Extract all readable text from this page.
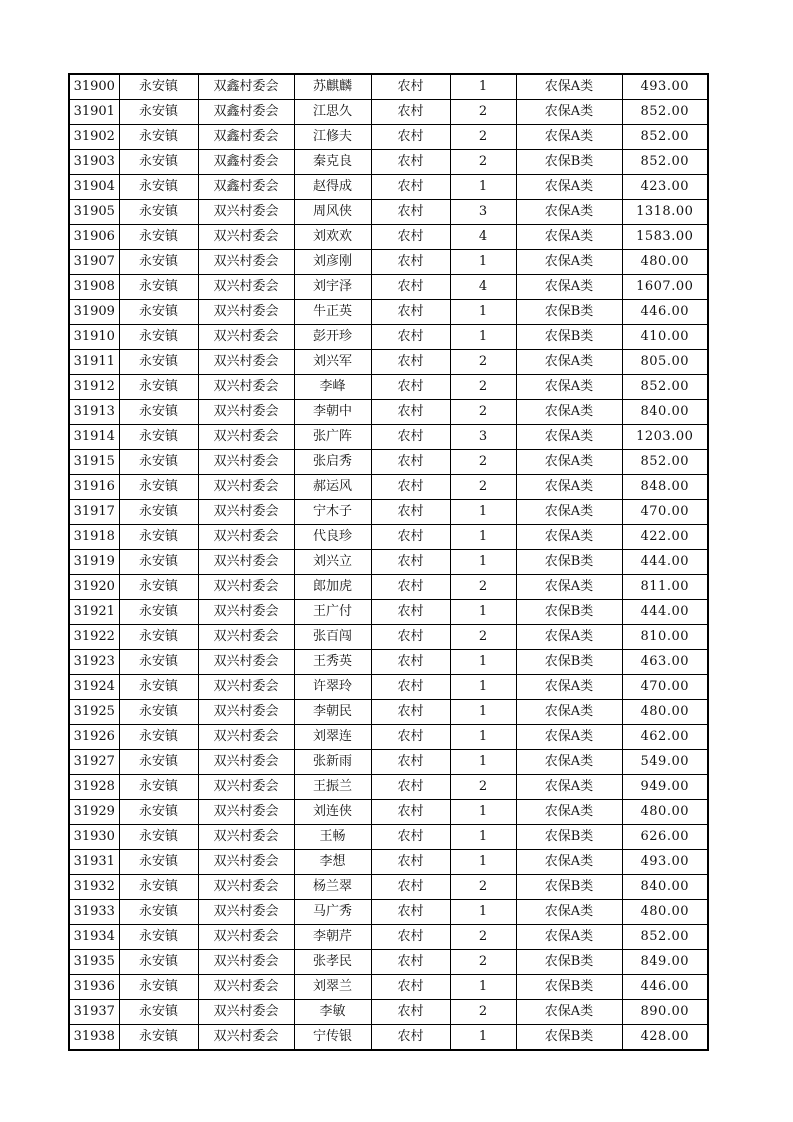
31900	永安镇	双鑫村委会	苏麒麟	农村	1	农保A类	493.00
31901	永安镇	双鑫村委会	江思久	农村	2	农保A类	852.00
31902	永安镇	双鑫村委会	江修夫	农村	2	农保A类	852.00
31903	永安镇	双鑫村委会	秦克良	农村	2	农保B类	852.00
31904	永安镇	双鑫村委会	赵得成	农村	1	农保A类	423.00
31905	永安镇	双兴村委会	周风侠	农村	3	农保A类	1318.00
31906	永安镇	双兴村委会	刘欢欢	农村	4	农保A类	1583.00
31907	永安镇	双兴村委会	刘彦刚	农村	1	农保A类	480.00
31908	永安镇	双兴村委会	刘宇泽	农村	4	农保A类	1607.00
31909	永安镇	双兴村委会	牛正英	农村	1	农保B类	446.00
31910	永安镇	双兴村委会	彭开珍	农村	1	农保B类	410.00
31911	永安镇	双兴村委会	刘兴军	农村	2	农保A类	805.00
31912	永安镇	双兴村委会	李峰	农村	2	农保A类	852.00
31913	永安镇	双兴村委会	李朝中	农村	2	农保A类	840.00
31914	永安镇	双兴村委会	张广阵	农村	3	农保A类	1203.00
31915	永安镇	双兴村委会	张启秀	农村	2	农保A类	852.00
31916	永安镇	双兴村委会	郝运风	农村	2	农保A类	848.00
31917	永安镇	双兴村委会	宁木子	农村	1	农保A类	470.00
31918	永安镇	双兴村委会	代良珍	农村	1	农保A类	422.00
31919	永安镇	双兴村委会	刘兴立	农村	1	农保B类	444.00
31920	永安镇	双兴村委会	郎加虎	农村	2	农保A类	811.00
31921	永安镇	双兴村委会	王广付	农村	1	农保B类	444.00
31922	永安镇	双兴村委会	张百闯	农村	2	农保A类	810.00
31923	永安镇	双兴村委会	王秀英	农村	1	农保B类	463.00
31924	永安镇	双兴村委会	许翠玲	农村	1	农保A类	470.00
31925	永安镇	双兴村委会	李朝民	农村	1	农保A类	480.00
31926	永安镇	双兴村委会	刘翠连	农村	1	农保A类	462.00
31927	永安镇	双兴村委会	张新雨	农村	1	农保A类	549.00
31928	永安镇	双兴村委会	王振兰	农村	2	农保A类	949.00
31929	永安镇	双兴村委会	刘连侠	农村	1	农保A类	480.00
31930	永安镇	双兴村委会	王畅	农村	1	农保B类	626.00
31931	永安镇	双兴村委会	李想	农村	1	农保A类	493.00
31932	永安镇	双兴村委会	杨兰翠	农村	2	农保B类	840.00
31933	永安镇	双兴村委会	马广秀	农村	1	农保A类	480.00
31934	永安镇	双兴村委会	李朝芹	农村	2	农保A类	852.00
31935	永安镇	双兴村委会	张孝民	农村	2	农保B类	849.00
31936	永安镇	双兴村委会	刘翠兰	农村	1	农保B类	446.00
31937	永安镇	双兴村委会	李敏	农村	2	农保A类	890.00
31938	永安镇	双兴村委会	宁传银	农村	1	农保B类	428.00
